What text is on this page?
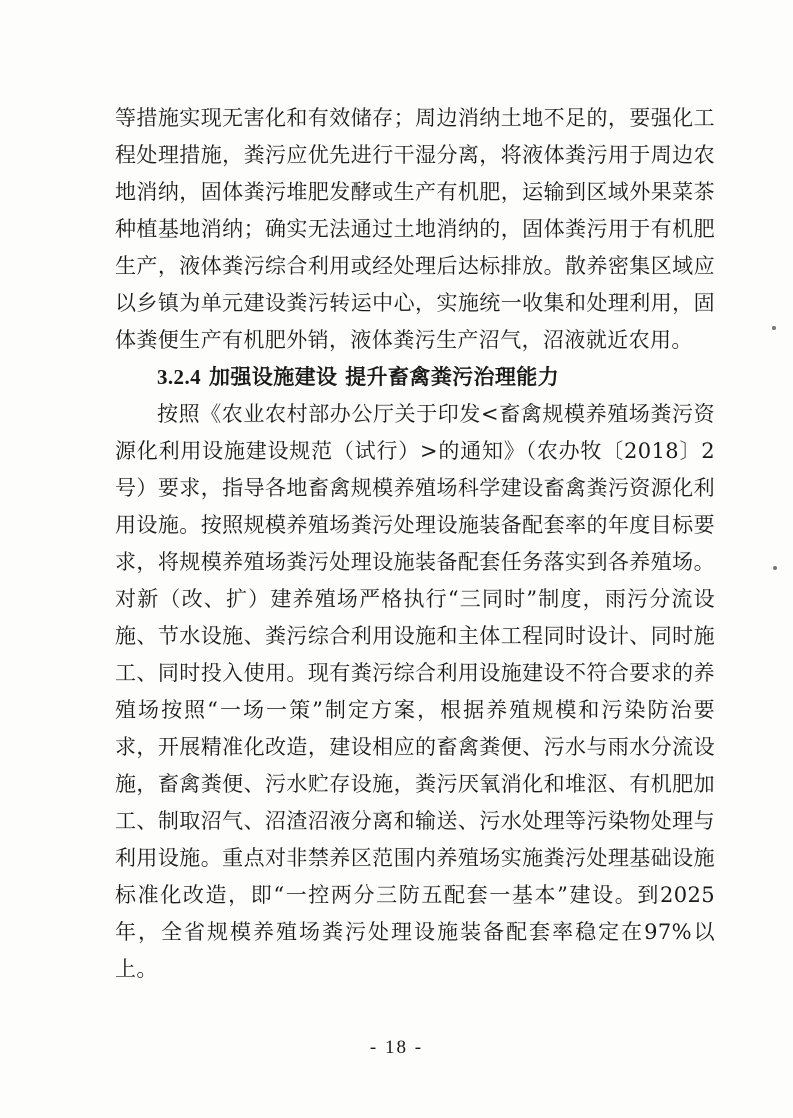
等措施实现无害化和有效储存；周边消纳土地不足的，要强化工程处理措施，粪污应优先进行干湿分离，将液体粪污用于周边农地消纳，固体粪污堆肥发酵或生产有机肥，运输到区域外果菜茶种植基地消纳；确实无法通过土地消纳的，固体粪污用于有机肥生产，液体粪污综合利用或经处理后达标排放。散养密集区域应以乡镇为单元建设粪污转运中心，实施统一收集和处理利用，固体粪便生产有机肥外销，液体粪污生产沼气，沼液就近农用。

3.2.4 加强设施建设 提升畜禽粪污治理能力

按照《农业农村部办公厅关于印发<畜禽规模养殖场粪污资源化利用设施建设规范（试行）>的通知》（农办牧〔2018〕2号）要求，指导各地畜禽规模养殖场科学建设畜禽粪污资源化利用设施。按照规模养殖场粪污处理设施装备配套率的年度目标要求，将规模养殖场粪污处理设施装备配套任务落实到各养殖场。对新（改、扩）建养殖场严格执行“三同时”制度，雨污分流设施、节水设施、粪污综合利用设施和主体工程同时设计、同时施工、同时投入使用。现有粪污综合利用设施建设不符合要求的养殖场按照“一场一策”制定方案，根据养殖规模和污染防治要求，开展精准化改造，建设相应的畜禽粪便、污水与雨水分流设施，畜禽粪便、污水贮存设施，粪污厌氧消化和堆沤、有机肥加工、制取沼气、沼渣沼液分离和输送、污水处理等污染物处理与利用设施。重点对非禁养区范围内养殖场实施粪污处理基础设施标准化改造，即“一控两分三防五配套一基本”建设。到2025年，全省规模养殖场粪污处理设施装备配套率稳定在97%以上。

- 18 -
